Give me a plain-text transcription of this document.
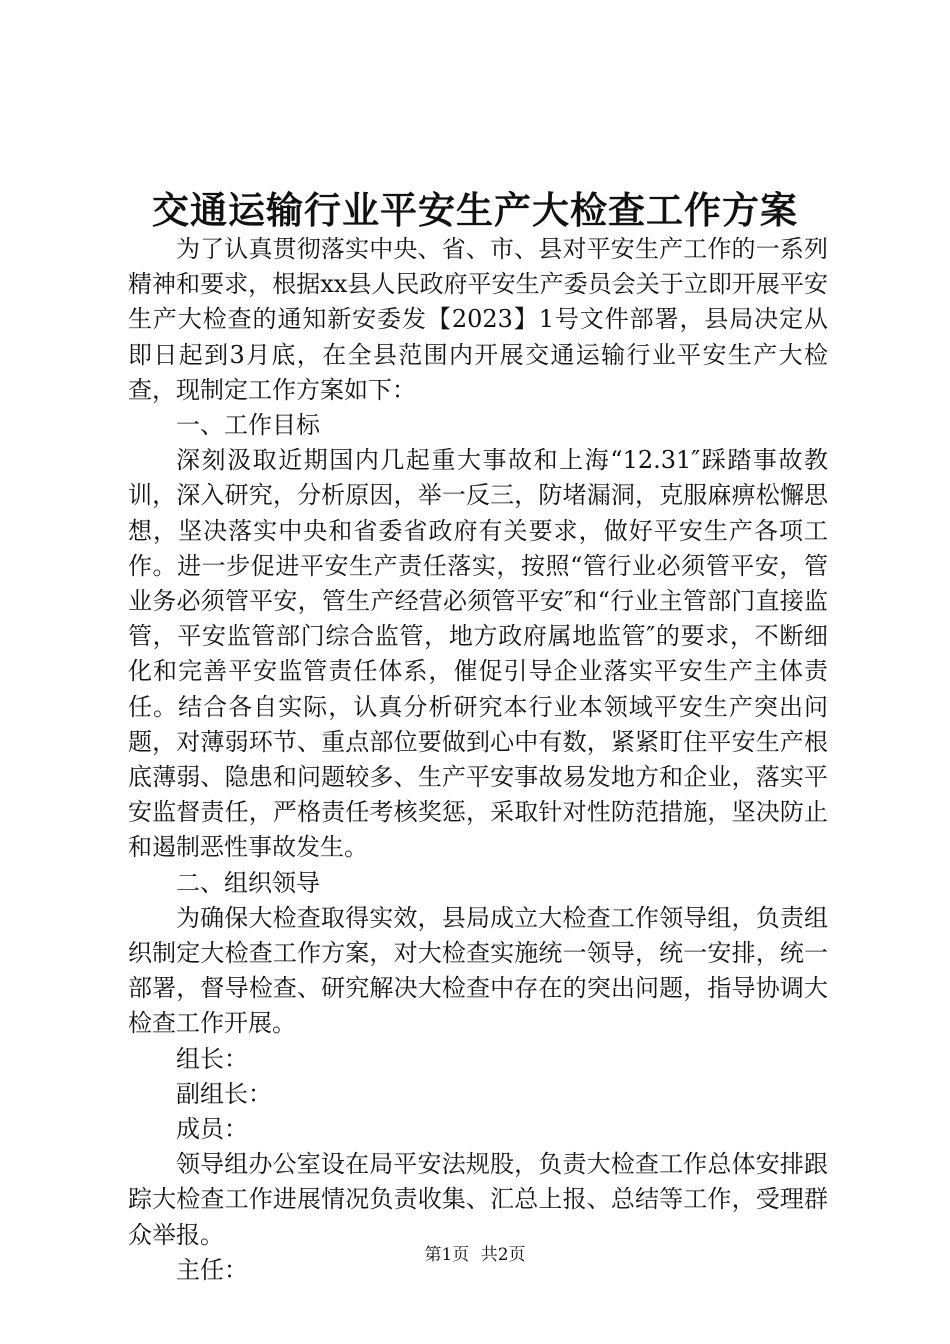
交通运输行业平安生产大检查工作方案

为了认真贯彻落实中央、省、市、县对平安生产工作的一系列精神和要求，根据xx县人民政府平安生产委员会关于立即开展平安生产大检查的通知新安委发【2023】1号文件部署，县局决定从即日起到3月底，在全县范围内开展交通运输行业平安生产大检查，现制定工作方案如下：

一、工作目标

深刻汲取近期国内几起重大事故和上海“12.31″踩踏事故教训，深入研究，分析原因，举一反三，防堵漏洞，克服麻痹松懈思想，坚决落实中央和省委省政府有关要求，做好平安生产各项工作。进一步促进平安生产责任落实，按照“管行业必须管平安，管业务必须管平安，管生产经营必须管平安″和“行业主管部门直接监管，平安监管部门综合监管，地方政府属地监管″的要求，不断细化和完善平安监管责任体系，催促引导企业落实平安生产主体责任。结合各自实际，认真分析研究本行业本领域平安生产突出问题，对薄弱环节、重点部位要做到心中有数，紧紧盯住平安生产根底薄弱、隐患和问题较多、生产平安事故易发地方和企业，落实平安监督责任，严格责任考核奖惩，采取针对性防范措施，坚决防止和遏制恶性事故发生。

二、组织领导

为确保大检查取得实效，县局成立大检查工作领导组，负责组织制定大检查工作方案，对大检查实施统一领导，统一安排，统一部署，督导检查、研究解决大检查中存在的突出问题，指导协调大检查工作开展。

组长：

副组长：

成员：

领导组办公室设在局平安法规股，负责大检查工作总体安排跟踪大检查工作进展情况负责收集、汇总上报、总结等工作，受理群众举报。

主任：

第1页 共2页
